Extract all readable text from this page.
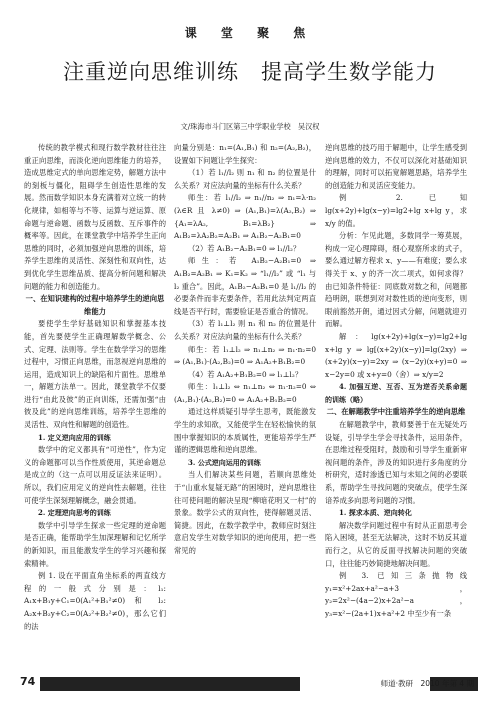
课 堂 聚 焦
注重逆向思维训练　提高学生数学能力
文/珠海市斗门区第三中学职业学校　吴汉权

传统的教学模式和现行数学教材往往注重正向思维，而淡化逆向思维能力的培养，造成思维定式的单向思维定势，解题方法中的刻板与僵化，阻碍学生创造性思维的发展。然而数学知识本身充满着对立统一的转化规律，如相等与不等、运算与逆运算、原命题与逆命题、函数与反函数、互斥事件的概率等。因此，在课堂教学中培养学生正向思维的同时，必须加强逆向思维的训练，培养学生思维的灵活性、深刻性和双向性，达到优化学生思维品质、提高分析问题和解决问题的能力和创造能力。

一、在知识建构的过程中培养学生的逆向思维能力

要使学生学好基础知识和掌握基本技能，首先要使学生正确理解数学概念、公式、定理、法则等。学生在数学学习的思维过程中，习惯正向思维，而忽视逆向思维的运用，造成知识上的缺陷和片面性。思维单一，解题方法单一。因此，课堂教学不仅要进行“由此及彼”的正向训练，还需加强“由彼及此”的逆向思维训练，培养学生思维的灵活性、双向性和解题的创造性。

1. 定义逆向应用的训练

数学中的定义都具有“可逆性”，作为定义的命题都可以当作性质使用，其逆命题总是成立的（这一点可以用反证法来证明）。所以，我们应用定义的逆向性去解题，往往可使学生深刻理解概念，融会贯通。

2. 定理逆向思考的训练

数学中引导学生探求一些定理的逆命题是否正确，能帮助学生加深理解和记忆所学的新知识，而且能激发学生的学习兴趣和探索精神。

例 1. 设在平面直角坐标系的两直线方程的一般式分别是：l₁: A₁x+B₁y+C₁=0(A₁²+B₁²≠0) 和 l₂: A₂x+B₂y+C₂=0(A₂²+B₂²≠0)，那么它们的法

向量分别是：n₁=(A₁,B₁) 和 n₂=(A₂,B₂)，设置如下问题让学生探究：

（1）若 l₁//l₂ 则 n₁ 和 n₂ 的位置是什么关系？对应法向量的坐标有什么关系？

师生：若 l₁//l₂ ⇒ n₁//n₂ ⇒ n₁=λ·n₂ (λ∈R 且 λ≠0) ⇒ (A₁,B₁)=λ(A₂,B₂) ⇒ {A₁=λA₂, B₁=λB₂} ⇒ A₁B₂=λA₂B₂=A₂B₁ ⇒ A₁B₂−A₂B₁=0

（2）若 A₁B₂−A₂B₁=0 ⇒ l₁//l₂？

师生：若 A₁B₂−A₂B₁=0 ⇒ A₁B₂=A₂B₁ ⇒ K₁=K₂ ⇒ “l₁//l₂” 或 “l₁ 与 l₂ 重合”。因此，A₁B₂−A₂B₁=0 是 l₁//l₂ 的必要条件而非充要条件，若用此法判定两直线是否平行时，需要验证是否重合的情况。

（3）若 l₁⊥l₂ 则 n₁ 和 n₂ 的位置是什么关系？对应法向量的坐标有什么关系？

师生：若 l₁⊥l₂ ⇒ n₁⊥n₂ ⇒ n₁·n₂=0 ⇒ (A₁,B₁)·(A₂,B₂)=0 ⇒ A₁A₂+B₁B₂=0

（4）若 A₁A₂+B₁B₂=0 ⇒ l₁⊥l₂？

师生：l₁⊥l₂ ⇔ n₁⊥n₂ ⇔ n₁·n₂=0 ⇔ (A₁,B₁)·(A₂,B₂)=0 ⇔ A₁A₂+B₁B₂=0

通过这样质疑引导学生思考，既能激发学生的求知欲，又能使学生在轻松愉快的氛围中掌握知识的本质属性，更能培养学生严谨的逻辑思维和逆向思维。

3. 公式逆向运用的训练

当人们解决某些问题，若顺向思维处于“山重水复疑无路”的困境时，逆向思维往往可使问题的解决呈现“柳暗花明又一村”的景象。数学公式的双向性，使得解题灵活、简捷。因此，在数学教学中，教师应时刻注意启发学生对数学知识的逆向使用，把一些常见的

逆向思维的技巧用于解题中，让学生感受到逆向思维的效力，不仅可以深化对基础知识的理解，同时可以拓宽解题思路，培养学生的创造能力和灵活应变能力。

例 2. 已知 lg(x+2y)+lg(x−y)=lg2+lg x+lg y，求 x/y 的值。

分析：乍见此题，多数同学一筹莫展，构成一定心理障碍，细心观察所求的式子，要么通过解方程求 x、y——有难度；要么求得关于 x、y 的齐一次二项式，如何求得？由已知条件特征：同底数对数之和，问题都趋明朗，联想到对对数性质的逆向变形，则眼前豁然开朗，通过因式分解，问题就迎刃而解。

解：lg(x+2y)+lg(x−y)=lg2+lg x+lg y ⇒ lg[(x+2y)(x−y)]=lg(2xy) ⇒ (x+2y)(x−y)=2xy ⇒ (x−2y)(x+y)=0 ⇒ x−2y=0 或 x+y=0（舍）⇒ x/y=2

4. 加强互逆、互否、互为逆否关系命题的训练（略）

二、在解题教学中注重培养学生的逆向思维

在解题教学中，教师要善于在无疑处巧设疑，引导学生学会寻找条件，运用条件，在思维过程受阻时，鼓励和引导学生重新审视问题的条件，涉及的知识进行多角度的分析研究，适时渗透已知与未知之间的必要联系，帮助学生寻找问题的突破点，使学生深谙养成多向思考问题的习惯。

1. 探求本质、逆向转化

解决数学问题过程中有时从正面思考会陷入困境，甚至无法解决，这时不妨反其道而行之，从它的反面寻找解决问题的突破口，往往能巧妙简捷地解决问题。

例 3. 已知三条抛物线 y₁=x²+2ax+a²−a+3，y₂=2x²−(4a−2)x+2a²−a，y₃=x²−(2a+1)x+a²+2 中至少有一条

74	师道·教研　2010 年第 4 期
